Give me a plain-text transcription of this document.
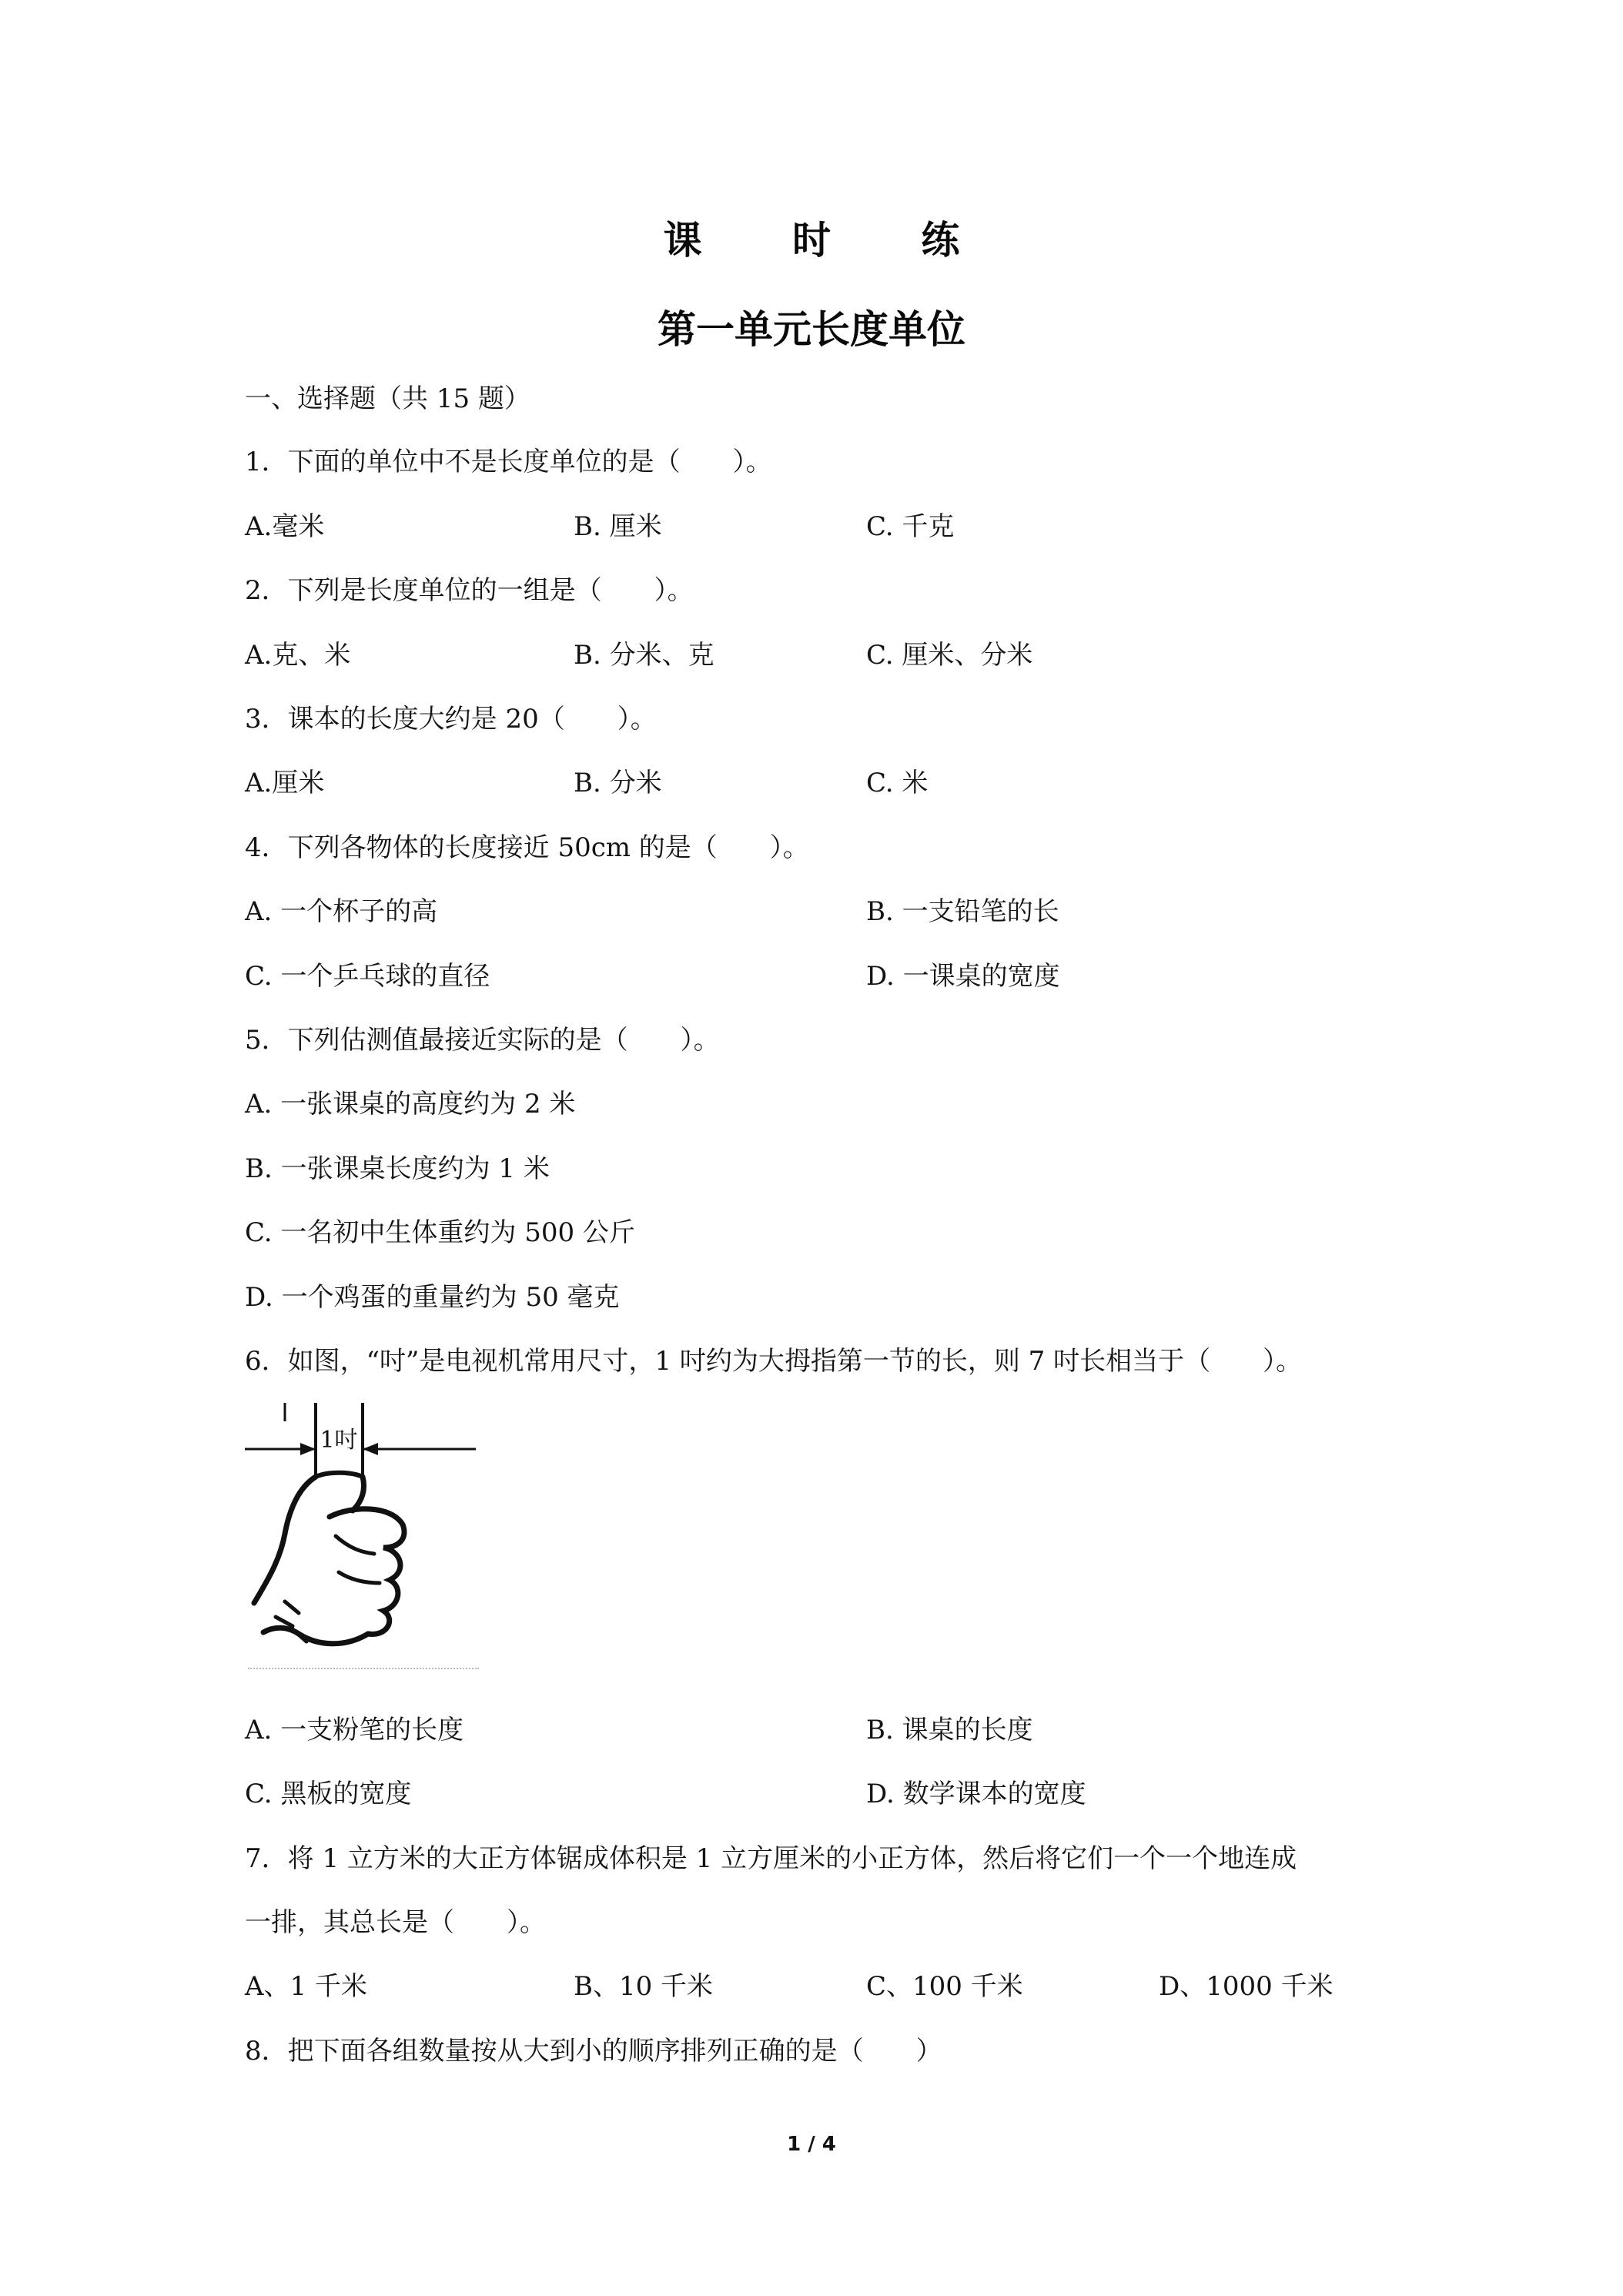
课 时 练
第一单元长度单位
一、选择题（共 15 题）
1．下面的单位中不是长度单位的是（　　）。
A.毫米	B. 厘米	C. 千克
2．下列是长度单位的一组是（　　）。
A.克、米	B. 分米、克	C. 厘米、分米
3．课本的长度大约是 20（　　）。
A.厘米	B. 分米	C. 米
4．下列各物体的长度接近 50cm 的是（　　）。
A. 一个杯子的高	B. 一支铅笔的长
C. 一个乒乓球的直径	D. 一课桌的宽度
5．下列估测值最接近实际的是（　　）。
A. 一张课桌的高度约为 2 米
B. 一张课桌长度约为 1 米
C. 一名初中生体重约为 500 公斤
D. 一个鸡蛋的重量约为 50 毫克
6．如图，“吋”是电视机常用尺寸，1 吋约为大拇指第一节的长，则 7 吋长相当于（　　）。
1吋
A. 一支粉笔的长度	B. 课桌的长度
C. 黑板的宽度	D. 数学课本的宽度
7．将 1 立方米的大正方体锯成体积是 1 立方厘米的小正方体，然后将它们一个一个地连成
一排，其总长是（　　）。
A、1 千米	B、10 千米	C、100 千米	D、1000 千米
8．把下面各组数量按从大到小的顺序排列正确的是（　　）
1 / 4
